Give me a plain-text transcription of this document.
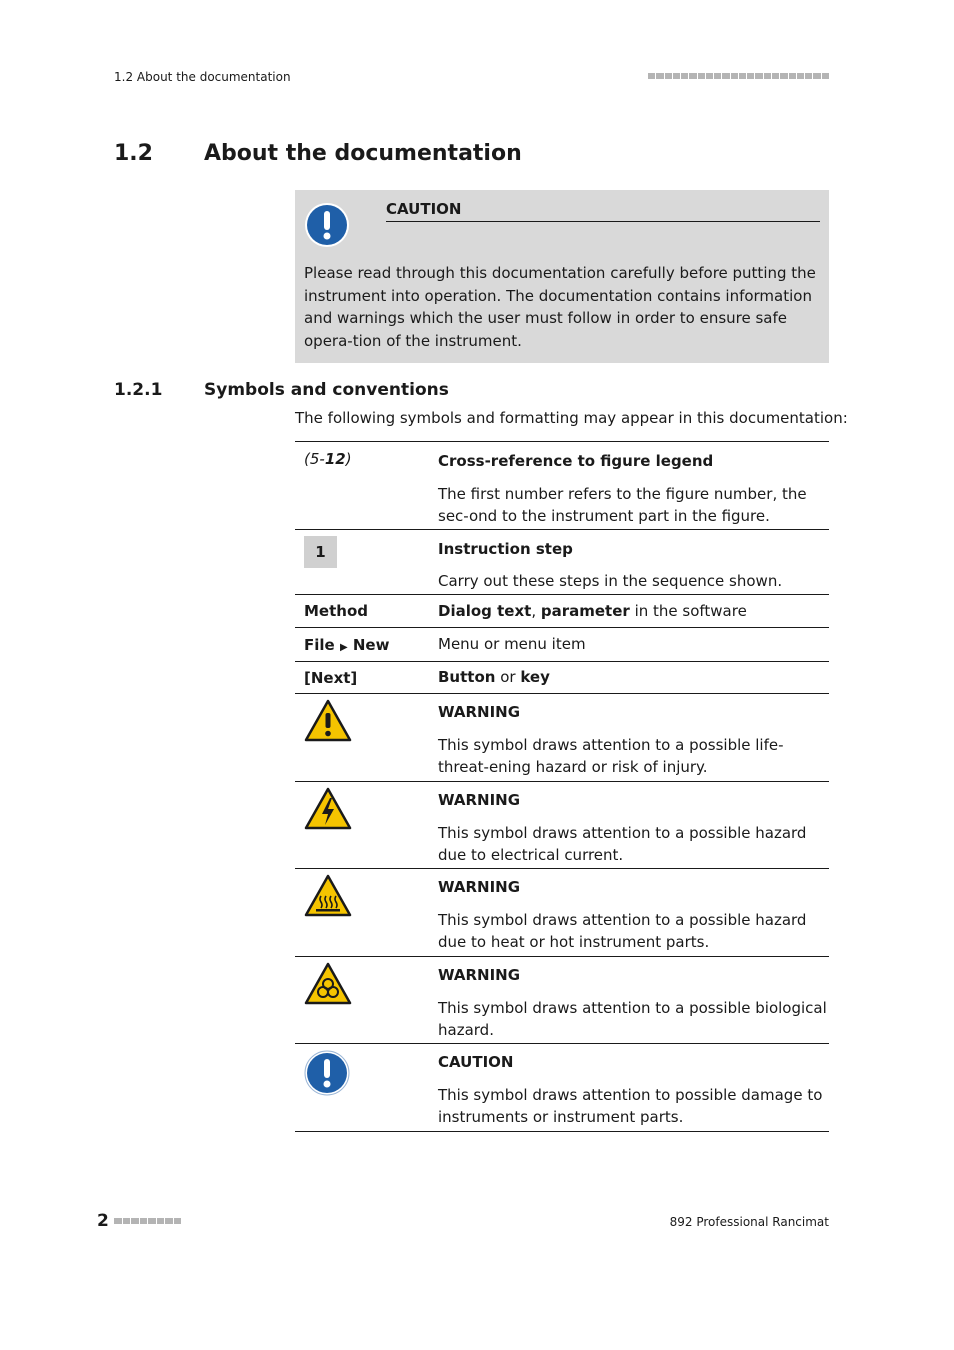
1.2 About the documentation
1.2	About the documentation
CAUTION
Please read through this documentation carefully before putting the instrument into operation. The documentation contains information and warnings which the user must follow in order to ensure safe opera-tion of the instrument.
1.2.1	Symbols and conventions
The following symbols and formatting may appear in this documentation:
(5-12)	Cross-reference to figure legend
The first number refers to the figure number, the sec-ond to the instrument part in the figure.
1	Instruction step
Carry out these steps in the sequence shown.
Method	Dialog text, parameter in the software
File ▶ New	Menu or menu item
[Next]	Button or key
WARNING
This symbol draws attention to a possible life-threat-ening hazard or risk of injury.
WARNING
This symbol draws attention to a possible hazard due to electrical current.
WARNING
This symbol draws attention to a possible hazard due to heat or hot instrument parts.
WARNING
This symbol draws attention to a possible biological hazard.
CAUTION
This symbol draws attention to possible damage to instruments or instrument parts.
2	892 Professional Rancimat
